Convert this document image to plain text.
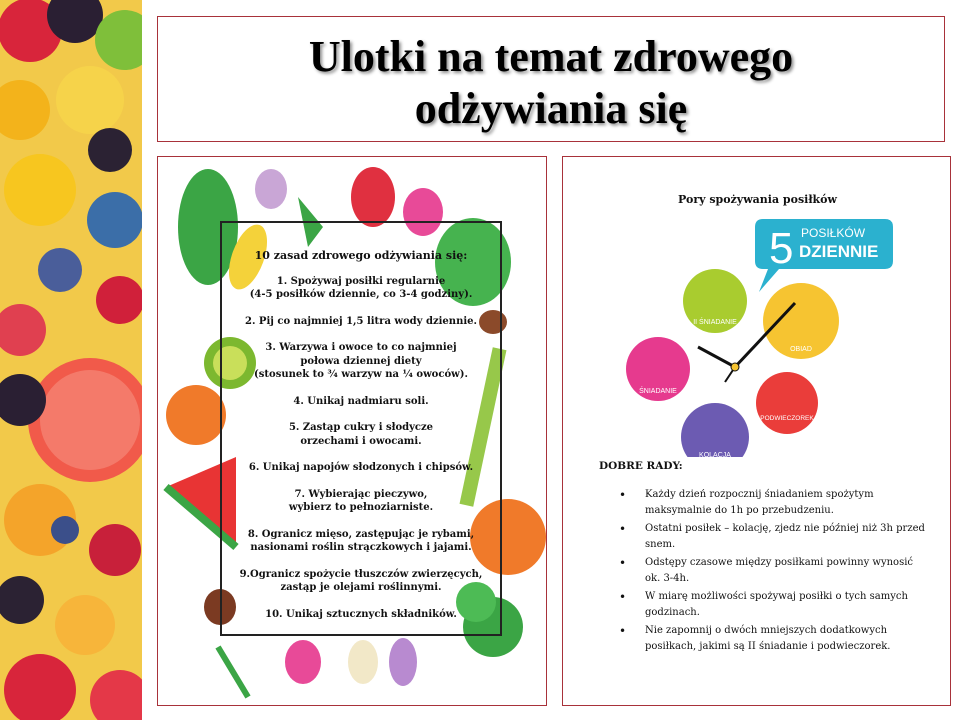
Ulotki na temat zdrowego
odżywiania się
10 zasad zdrowego odżywiania się:
1. Spożywaj posiłki regularnie
(4-5 posiłków dziennie, co 3-4 godziny).
2. Pij co najmniej 1,5 litra wody dziennie.
3. Warzywa i owoce to co najmniej
połowa dziennej diety
(stosunek to ¾ warzyw na ¼ owoców).
4. Unikaj nadmiaru soli.
5. Zastąp cukry i słodycze
orzechami i owocami.
6. Unikaj napojów słodzonych i chipsów.
7. Wybierając pieczywo,
wybierz to pełnoziarniste.
8. Ogranicz mięso, zastępując je rybami,
nasionami roślin strączkowych i jajami.
9.Ogranicz spożycie tłuszczów zwierzęcych,
zastąp je olejami roślinnymi.
10. Unikaj sztucznych składników.
Pory spożywania posiłków
5 POSIŁKÓW
DZIENNIE
II ŚNIADANIE
OBIAD
ŚNIADANIE
PODWIECZOREK
KOLACJA
DOBRE RADY:
• Każdy dzień rozpocznij śniadaniem spożytym maksymalnie do 1h po przebudzeniu.
• Ostatni posiłek – kolację, zjedz nie później niż 3h przed snem.
• Odstępy czasowe między posiłkami powinny wynosić ok. 3-4h.
• W miarę możliwości spożywaj posiłki o tych samych godzinach.
• Nie zapomnij o dwóch mniejszych dodatkowych posiłkach, jakimi są II śniadanie i podwieczorek.
